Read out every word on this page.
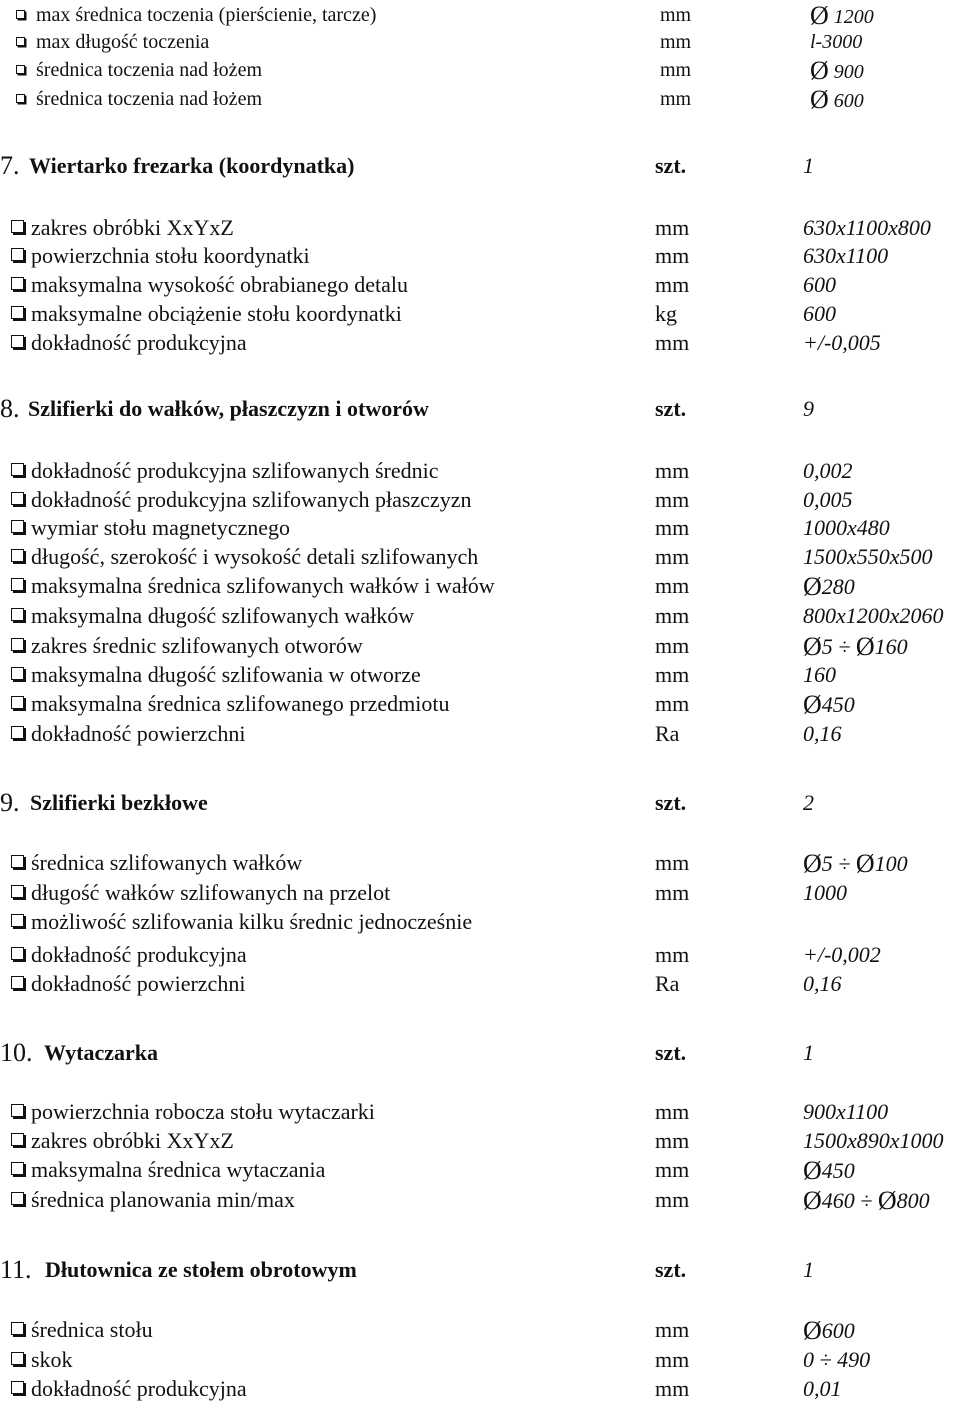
max średnica toczenia (pierścienie, tarcze)	mm	Ø 1200
max długość toczenia	mm	l-3000
średnica toczenia nad łożem	mm	Ø 900
średnica toczenia nad łożem	mm	Ø 600
7. Wiertarko frezarka (koordynatka)	szt.	1
zakres obróbki XxYxZ	mm	630x1100x800
powierzchnia stołu koordynatki	mm	630x1100
maksymalna wysokość obrabianego detalu	mm	600
maksymalne obciążenie stołu koordynatki	kg	600
dokładność produkcyjna	mm	+/-0,005
8. Szlifierki do wałków, płaszczyzn i otworów	szt.	9
dokładność produkcyjna szlifowanych średnic	mm	0,002
dokładność produkcyjna szlifowanych płaszczyzn	mm	0,005
wymiar stołu magnetycznego	mm	1000x480
długość, szerokość i wysokość detali szlifowanych	mm	1500x550x500
maksymalna średnica szlifowanych wałków i wałów	mm	Ø280
maksymalna długość szlifowanych wałków	mm	800x1200x2060
zakres średnic szlifowanych otworów	mm	Ø5 ÷ Ø160
maksymalna długość szlifowania w otworze	mm	160
maksymalna średnica szlifowanego przedmiotu	mm	Ø450
dokładność powierzchni	Ra	0,16
9. Szlifierki bezkłowe	szt.	2
średnica szlifowanych wałków	mm	Ø5 ÷ Ø100
długość wałków szlifowanych na przelot	mm	1000
możliwość szlifowania kilku średnic jednocześnie
dokładność produkcyjna	mm	+/-0,002
dokładność powierzchni	Ra	0,16
10. Wytaczarka	szt.	1
powierzchnia robocza stołu wytaczarki	mm	900x1100
zakres obróbki XxYxZ	mm	1500x890x1000
maksymalna średnica wytaczania	mm	Ø450
średnica planowania min/max	mm	Ø460 ÷ Ø800
11. Dłutownica ze stołem obrotowym	szt.	1
średnica stołu	mm	Ø600
skok	mm	0 ÷ 490
dokładność produkcyjna	mm	0,01
